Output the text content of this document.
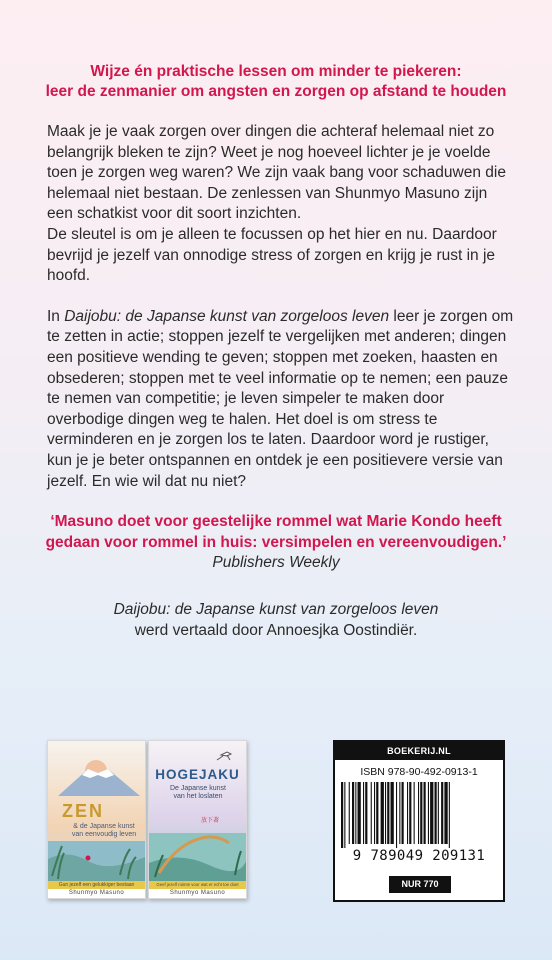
Wijze én praktische lessen om minder te piekeren:
leer de zenmanier om angsten en zorgen op afstand te houden

Maak je je vaak zorgen over dingen die achteraf helemaal niet zo belangrijk bleken te zijn? Weet je nog hoeveel lichter je je voelde toen je zorgen weg waren? We zijn vaak bang voor schaduwen die helemaal niet bestaan. De zenlessen van Shunmyo Masuno zijn een schatkist voor dit soort inzichten.

De sleutel is om je alleen te focussen op het hier en nu. Daardoor bevrijd je jezelf van onnodige stress of zorgen en krijg je rust in je hoofd.

In Daijobu: de Japanse kunst van zorgeloos leven leer je zorgen om te zetten in actie; stoppen jezelf te vergelijken met anderen; dingen een positieve wending te geven; stoppen met zoeken, haasten en obsederen; stoppen met te veel informatie op te nemen; een pauze te nemen van competitie; je leven simpeler te maken door overbodige dingen weg te halen. Het doel is om stress te verminderen en je zorgen los te laten. Daardoor word je rustiger, kun je je beter ontspannen en ontdek je een positievere versie van jezelf. En wie wil dat nu niet?

‘Masuno doet voor geestelijke rommel wat Marie Kondo heeft gedaan voor rommel in huis: versimpelen en vereenvoudigen.’
Publishers Weekly
Daijobu: de Japanse kunst van zorgeloos leven
werd vertaald door Annoesjka Oostindiër.
ZEN
& de Japanse kunst van eenvoudig leven
Gun jezelf een gelukkiger bestaan
Shunmyo Masuno
HOGEJAKU
De Japanse kunst van het loslaten
放下著
Geef jezelf ruimte voor wat er echt toe doet
Shunmyo Masuno
BOEKERIJ.NL
ISBN 978-90-492-0913-1
9 789049 209131
NUR 770
